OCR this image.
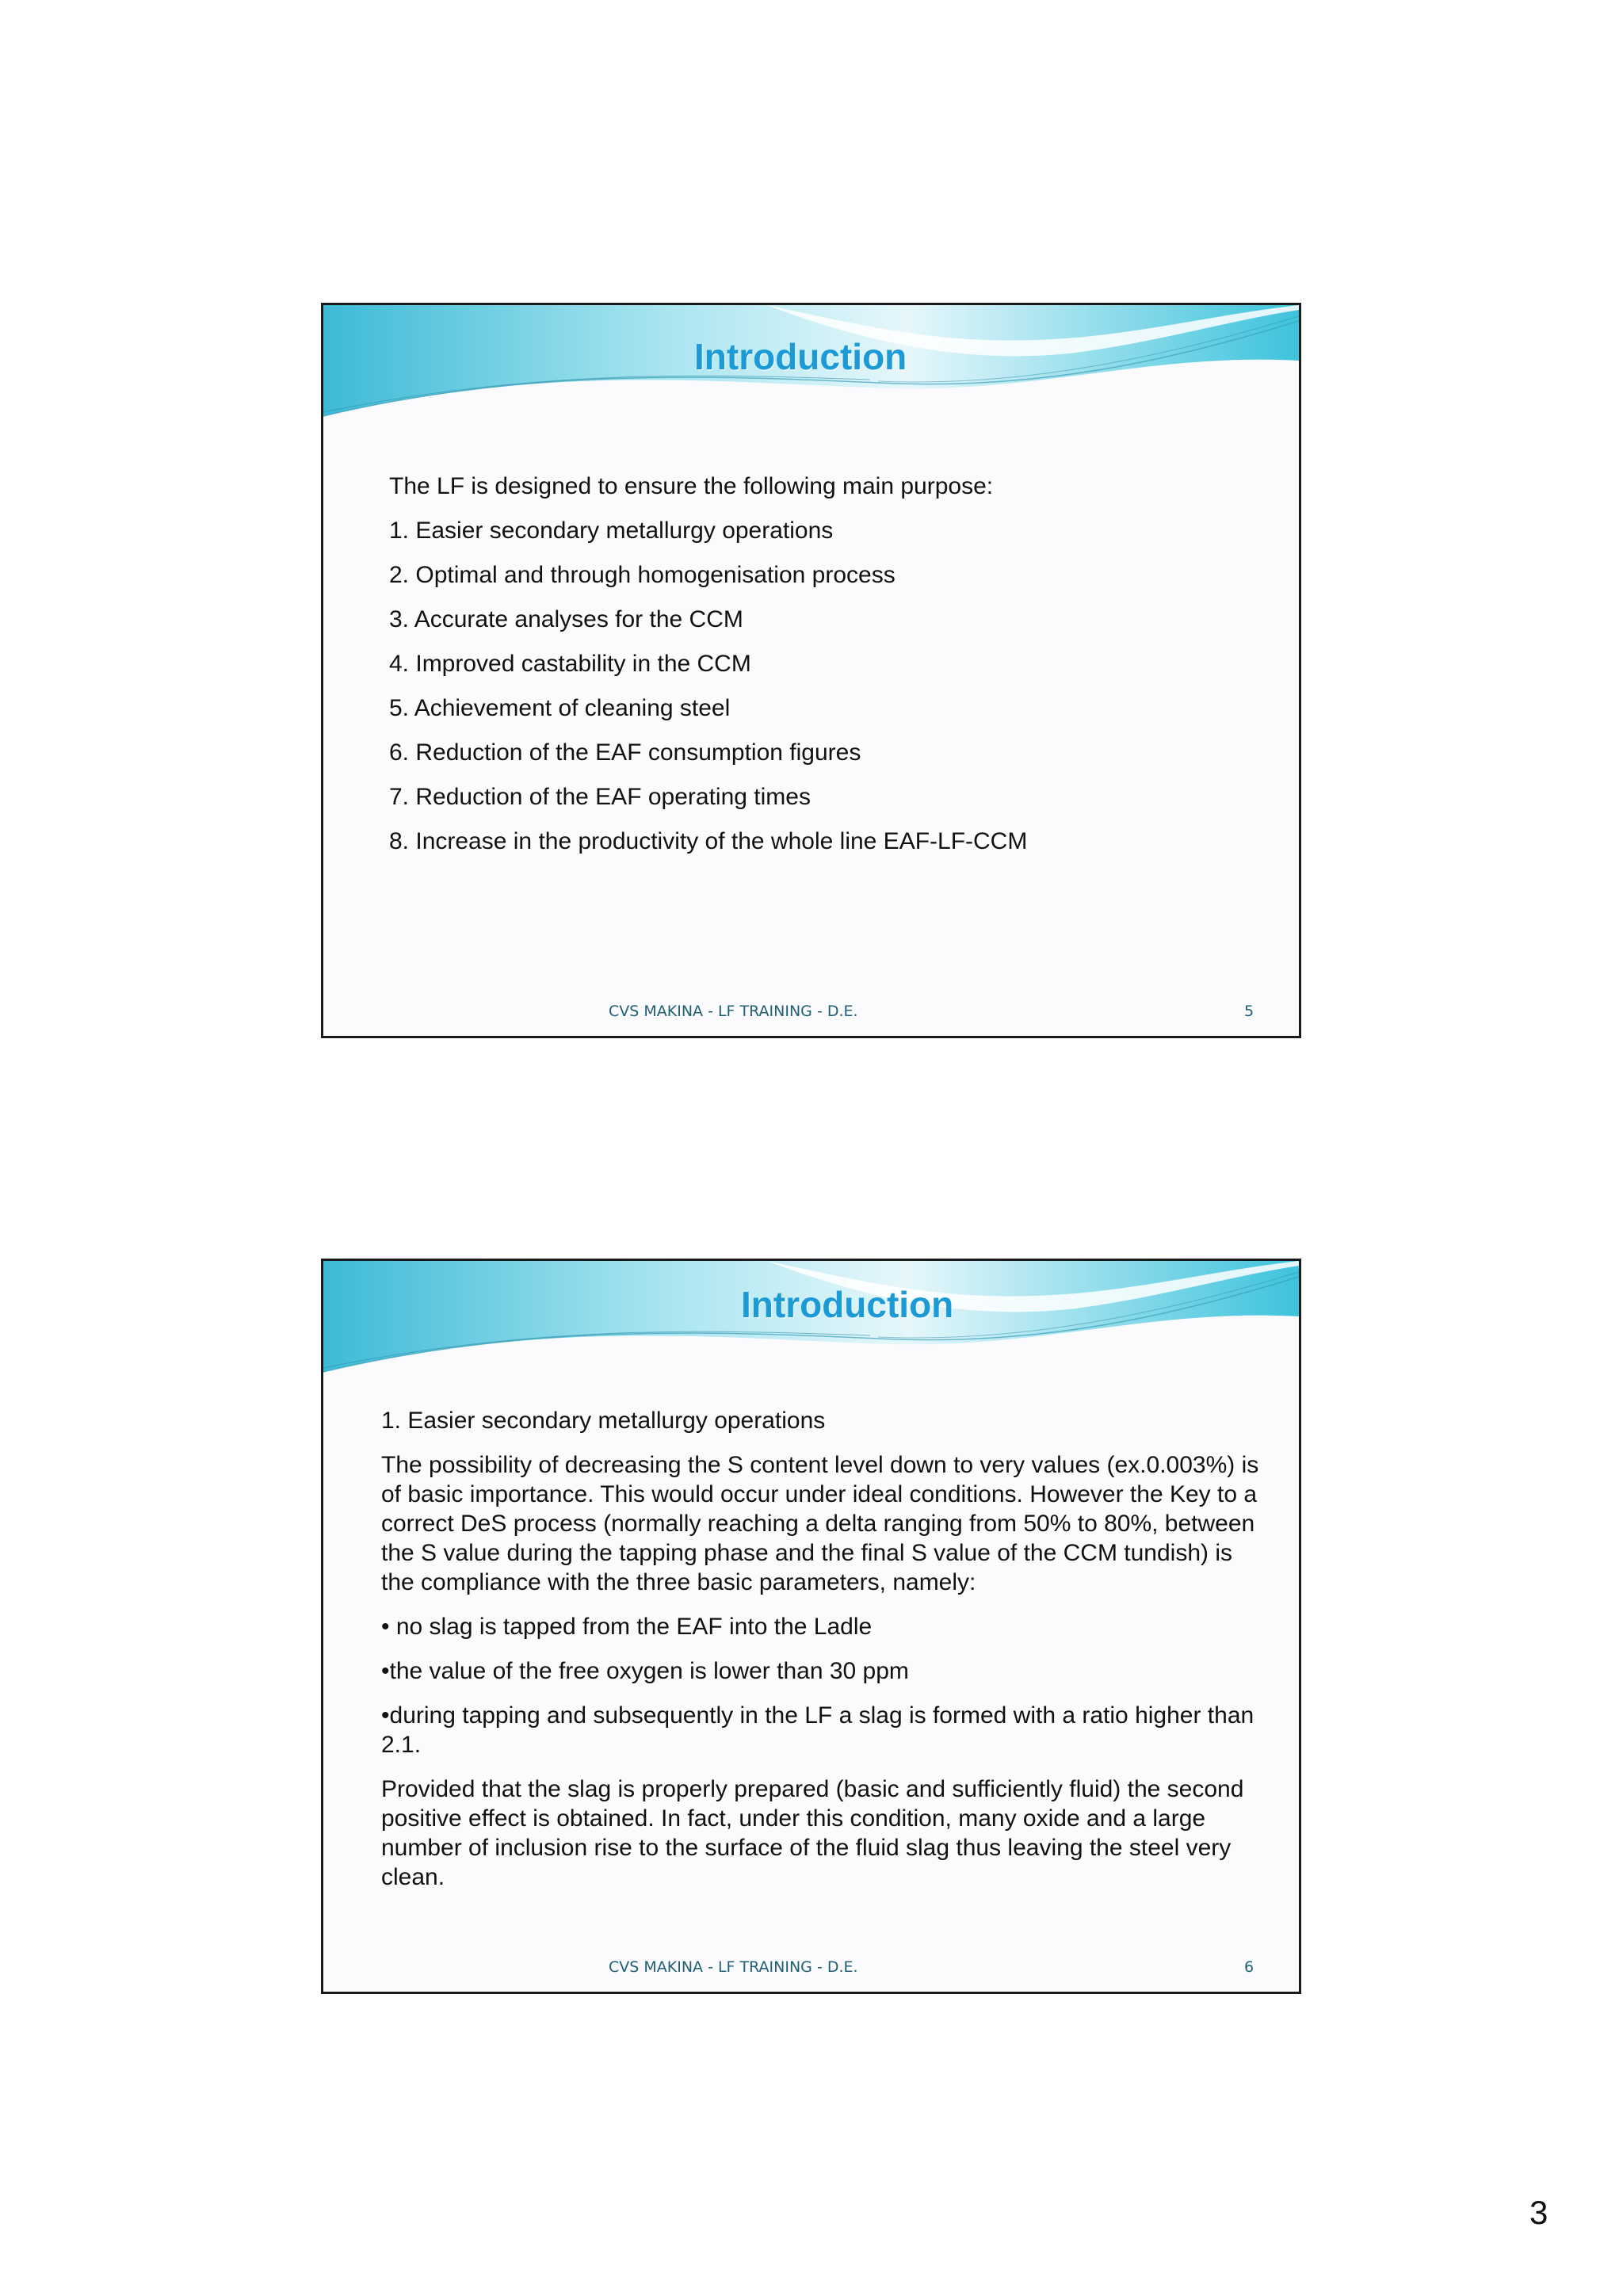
Introduction

The LF is designed to ensure the following main purpose:

1. Easier secondary metallurgy operations

2. Optimal and through homogenisation process

3. Accurate analyses for the CCM

4. Improved castability in the CCM

5. Achievement of cleaning steel

6. Reduction of the EAF consumption figures

7. Reduction of the EAF operating times

8. Increase in the productivity of the whole line EAF-LF-CCM

CVS MAKINA - LF TRAINING - D.E.	5
Introduction

1. Easier secondary metallurgy operations

The possibility of decreasing the S content level down to very values (ex.0.003%) is of basic importance. This would occur under ideal conditions. However the Key to a correct DeS process (normally reaching a delta ranging from 50% to 80%, between the S value during the tapping phase and the final S value of the CCM tundish) is the compliance with the three basic parameters, namely:

• no slag is tapped from the EAF into the Ladle

•the value of the free oxygen is lower than 30 ppm

•during tapping and subsequently in the LF a slag is formed with a ratio higher than 2.1.

Provided that the slag is properly prepared (basic and sufficiently fluid) the second positive effect is obtained. In fact, under this condition, many oxide and a large number of inclusion rise to the surface of the fluid slag thus leaving the steel very clean.

CVS MAKINA - LF TRAINING - D.E.	6
3
